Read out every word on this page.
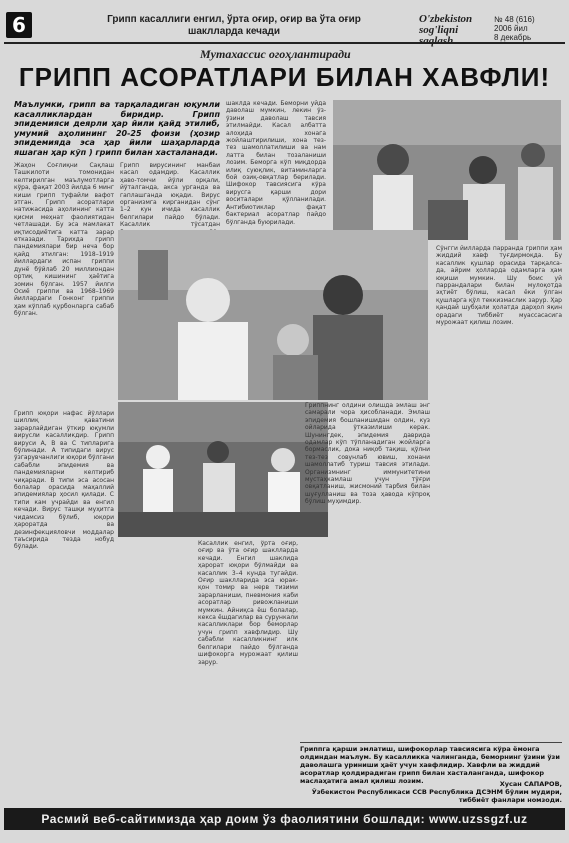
6	Грипп касаллиги енгил, ўрта оғир, оғир ва ўта оғир
шаклларда кечади
O'zbekiston sog'liqni saqlash
№ 48 (616)
2006 йил
8 декабрь
Мутахассис огоҳлантиради
ГРИПП АСОРАТЛАРИ БИЛАН ХАВФЛИ!
Маълумки, грипп ва тарқаладиган юқумли касалликлардан биридир. Грипп эпидемияси деярли ҳар йили қайд этилиб, умумий аҳолининг 20-25 фоизи (ҳозир эпидемияда эса ҳар йили шаҳарларда яшаган ҳар кўп ) грипп билан хасталанади.
Жаҳон Соғлиқни Сақлаш Ташкилоти томонидан келтирилган маълумотларга кўра, фақат 2003 йилда 6 минг киши грипп туфайли вафот этган. Грипп асоратлари натижасида аҳолининг катта қисми меҳнат фаолиятидан четлашади. Бу эса мамлакат иқтисодиётига катта зарар етказади. Тарихда грипп пандемиялари бир неча бор қайд этилган: 1918–1919 йиллардаги испан гриппи дунё бўйлаб 20 миллиондан ортиқ кишининг ҳаётига зомин бўлган. 1957 йилги Осиё гриппи ва 1968–1969 йиллардаги Гонконг гриппи ҳам кўплаб қурбонларга сабаб бўлган.
Грипп юқори нафас йўллари шиллиқ қаватини зарарлайдиган ўткир юқумли вирусли касалликдир. Грипп вируси А, В ва С типларига бўлинади. А типидаги вирус ўзгарувчанлиги юқори бўлгани сабабли эпидемия ва пандемияларни келтириб чиқаради. В типи эса асосан болалар орасида маҳаллий эпидемиялар ҳосил қилади. С типи кам учрайди ва енгил кечади. Вирус ташқи муҳитга чидамсиз бўлиб, юқори ҳароратда ва дезинфекцияловчи моддалар таъсирида тезда нобуд бўлади.
Грипп вирусининг манбаи касал одамдир. Касаллик ҳаво-томчи йўли орқали, йўталганда, акса урганда ва гаплашганда юқади. Вирус организмга кирганидан сўнг 1–2 кун ичида касаллик белгилари пайдо бўлади. Касаллик тўсатдан
Касаллик енгил, ўрта оғир, оғир ва ўта оғир шаклларда кечади. Енгил шаклида ҳарорат юқори бўлмайди ва касаллик 3–4 кунда тугайди. Оғир шаклларида эса юрак-қон томир ва нерв тизими зарарланиши, пневмония каби асоратлар ривожланиши мумкин. Айниқса ёш болалар, кекса ёшдагилар ва сурункали касалликлари бор беморлар учун грипп хавфлидир. Шу сабабли касалликнинг илк белгилари пайдо бўлганда шифокорга мурожаат қилиш зарур.
шаклда кечади. Беморни уйда даволаш мумкин, лекин ўз-ўзини даволаш тавсия этилмайди. Касал албатта алоҳида хонага жойлаштирилиши, хона тез-тез шамоллатилиши ва нам латта билан тозаланиши лозим. Беморга кўп миқдорда илиқ суюқлик, витаминларга бой озиқ-овқатлар берилади. Шифокор тавсиясига кўра вирусга қарши дори воситалари қўлланилади. Антибиотиклар фақат бактериал асоратлар пайдо бўлганда буюрилади.
Гриппнинг олдини олишда эмлаш энг самарали чора ҳисобланади. Эмлаш эпидемия бошланишидан олдин, куз ойларида ўтказилиши керак. Шунингдек, эпидемия даврида одамлар кўп тўпланадиган жойларга бормаслик, дока ниқоб тақиш, қўлни тез-тез совунлаб ювиш, хонани шамоллатиб туриш тавсия этилади. Организмнинг иммунитетини мустаҳкамлаш учун тўғри овқатланиш, жисмоний тарбия билан шуғулланиш ва тоза ҳавода кўпроқ бўлиш муҳимдир.
Сўнгги йилларда парранда гриппи ҳам жиддий хавф туғдирмоқда. Бу касаллик қушлар орасида тарқалса-да, айрим ҳолларда одамларга ҳам юқиши мумкин. Шу боис уй паррандалари билан мулоқотда эҳтиёт бўлиш, касал ёки ўлган қушларга қўл теккизмаслик зарур. Ҳар қандай шубҳали ҳолатда дарҳол яқин орадаги тиббиёт муассасасига мурожаат қилиш лозим.
Гриппга қарши эмлатиш, шифокорлар тавсиясига кўра ёмонга олдиндан маълум. Бу касалликка чалинганда, беморнинг ўзини ўзи даволашга уриниши ҳаёт учун хавфлидир. Хавфли ва жиддий асоратлар қолдирадиган грипп билан хасталанганда, шифокор маслаҳатига амал қилиш лозим.	Хусан САПАРОВ,
Ўзбекистон Республикаси ССВ Республика ДСЭНМ бўлим мудири, тиббиёт фанлари номзоди.
Расмий веб-сайтимизда ҳар доим ўз фаолиятини бошлади: www.uzssgzf.uz
